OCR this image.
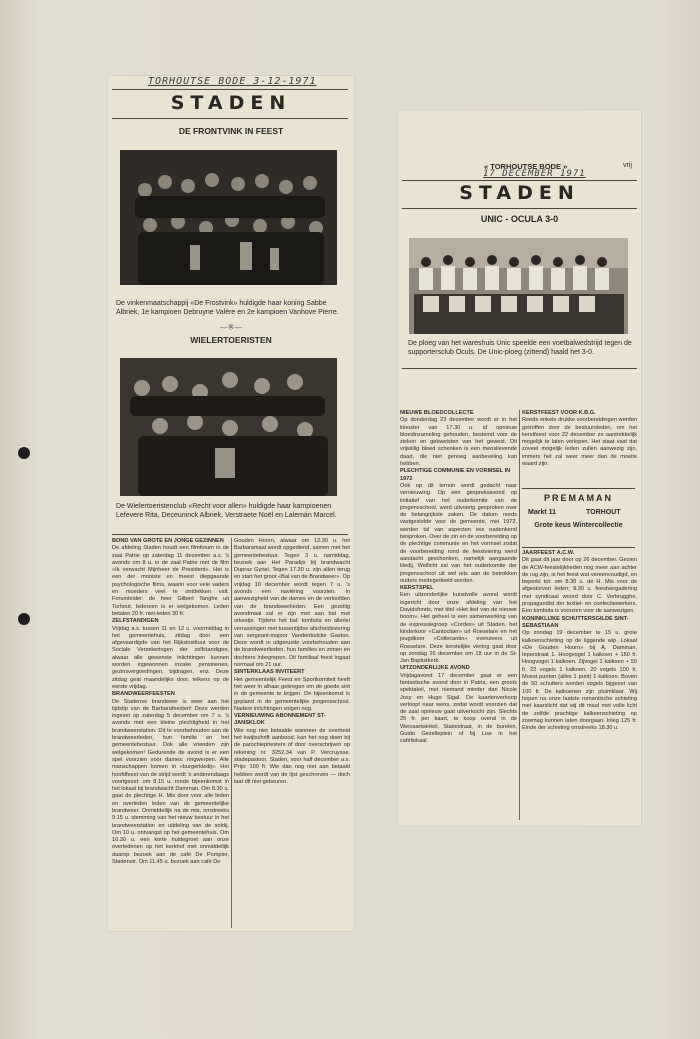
TORHOUTSE BODE 3-12-1971
STADEN
DE FRONTVINK IN FEEST
De vinkenmaatschappij «De Frostvink» huldigde haar koning Sabbe Albriek, 1e kampioen Debruyne Valère en 2e kampioen Vanhove Pierre.
—※—
WIELERTOERISTEN
De Wielertoeristenclub «Recht voor allen» huldigde haar kampioenen Lefevere Rita, Deceuninck Albriek, Verstraete Noël en Lalemán Marcel.
BOND VAN GROTE EN JONGE GEZINNEN
De afdeling Staden houdt een filmforum in de zaal Patrie op zaterdag 11 december a.s. 's avonds om 8 u. in de zaal Patrie met de film «Ik verwacht Mijnheer de President». Het is een der mooiste en meest diepgaande psychologische films, waarin voor vele vaders en moeders veel te ontdekken valt. Forumleider: de heer Gilbert Tanghe uit Torhout. Iedereen is er welgekomen. Leden betalen 20 fr. niet-leden 30 fr.
ZELFSTANDIGEN
Vrijdag a.s. tussen 11 en 12 u. voormiddag in het gemeentehuis, zitdag door een afgevaardigde van het Rijksinstituut voor de Sociale Verzekeringen der zelfstandigen, alwaar alle gewenste inlichtingen kunnen worden ingewonnen inzake pensioenen, gezinsvergoedingen, bijdragen, enz. Deze zitdag geat maandelijks door, telkens op de eerste vrijdag.
BRANDWEERFEESTEN
De Stadense brandweer is weer aan het tijdstip van de Barbarafeesten! Deze werden ingezet op zaterdag 5 december om 7 u. 's avonds met een kleine plechtigheid in het brandweerstation. Dit te voorbehouden aan de brandweerleden, hun familie en het gemeentebestuur. Ook alle vrienden zijn welgekomen! Gedurende de avond is er een spel voorzien voor dames: ringwerpen. Alle manschappen komen in «burgerkledij». Het hoofdfeest van de strijd wordt 's anderendaags voortgezet: om 8.15 u. ronde bijeenkomst in het lokaal bij brandwacht Damman. Om 8.30 u. gaat de plechtige H. Mis door voor alle leden en overleden leden van de gemeentelijke brandweer. Onmiddellijk na de mis, omstreeks 9.15 u. stemming van het nieuw bestuur in het brandweerstation en uitdeling van de soldij. Om 10 u. ontvangst op het gemeentehuis. Om 10.30 u. een korte huldegroet aan onze overledenen op het kerkhof met onmiddellijk daarop bezoek aan de café De Pompier, Stadenstr. Om 11.45 u. bezoek aan café De
Gouden Hoorn, alwaar om 12.30 u. het Barbaramaal wordt opgediend, samen met het gemeentebestuur. Tegen 3 u. namiddag, bezoek aan Het Paradijs bij brandwacht Dupraz Gyriel. Tegen 17.30 u. zijn allen terug en start het groot «Bal van de Brandweer». Op vrijdag 10 december wordt tegen 7 u. 's avonds een navièring voorzien. In aanwezigheid van de dames en de verloofden van de brandweerlieden. Een gezellig avondmaal zal er zijn met aan bal met orkestje. Tijdens het bal: tombola en allerlei verrassingen met tussentijdse afscheidsviering van sergeant-majoor Vandenbulcke Gaston. Deze wordt in uitgerustte voorbehouden aan de brandweerlieden, hun families en zonen en dochters inbegrepen. Dit familiaal feest ingaat normaal om 21 uur.
SINTERKLAAS INVITEERT
Het gemeentelijk Feest en Sportkomiteit heeft het weer in alhaar gekregen om de goede sint in de gemeente te krijgen. De bijeenkomst is gepland in de gemeentelijke jongensschool. Nadere inlichtingen volgen nog.
VERNIEUWING ABONNEMENT ST-JANSKLOK
Wie nog niet betaalde wanneer de overheid het kwijtschrift aanbood, kan het nog doen bij de parochiepriesters of door overschrijven op rekening nr. 3252.34 van P. Vercruysse, stadepastoor, Staden, voor half december a.s. Prijs: 100 fr. Wie dan nog niet aan betaald hebben wordt van de lijst geschreven — doch laat dit niet gebeuren.
« TORHOUTSE BODE »	vrij
17 DECEMBER 1971
STADEN
UNIC - OCULA 3-0
De ploeg van het wareshuis Unic speelde een voetbalwedstrijd tegen de supportersclub Oculs. De Unic-ploeg (zittend) haald het 3-0.
NIEUWE BLOEDCOLLECTE
Op donderdag 23 december wordt er in het klooster van 17.30 u. af opnieuw bloedinzameling gehouden, bestemd voor de zieken en gekwetsten van het gewest. Dit vrijwillig bloed schenken is een menslievende daad, die niet genoeg aanbeveling kan hebben.
PLECHTIGE COMMUNIE EN VORMSEL IN 1972
Ook op dit terrein wordt gedacht naar vernieuwing. Op een gespreksavond op initiatief van het ouderkomite van de jongensschool, werd uitvoerig gesproken over de belangrijkste zaken. De datum reeds vastgestelde voor de gemeente, mei 1972, werden tal van aspecten ieis nadenkend besproken. Over de zin en de voorbereiding op de plechtige communie en het vormsel zodat de voorbereiding rond de feestviering werd aandacht geschonken, namelijk aangaande kledij. Wellicht zal van het ouderkomite der jongensschool uit wel iets aan de betrokken ouders medegedeeld worden.
KERSTSPEL
Een uitzonderlijke kunstvolle avond wordt ingericht door onze afdeling van het Davidsfonds, met titel «Het lied van de nieuwe boom». Het geheel is een samenwerking van de expressiegroep «Cordex» uit Staden, het kinderkoor «Cantoclaer» uit Roeselare en het jeugdkoor «Collecantio» evenzeers uit Roeselare. Deze kerstelijke viering gaat door op zondag 26 december om 18 uur in de St-Jan Baptistkerk.
UITZONDERLIJKE AVOND
Vrijdagavond 17 december gaat er een fantastische avond door in Patria, een groots spektakel, met niemand minder dan Nicole Josy en Hugo Sigal. De kaartenverkoop verloopt naar wens, zodat wordt voorzien dat de zaal opnieuw gaat uitverkocht zijn. Slechts 25 fr. per kaart, te koop overal in de Weivaartwinkel, Statiestraat, in de burelen, Guido Gezelleplein of bij Lise in het caféliokaal.
KERSTFEEST VOOR K.B.G.
Reeds enkele drukke voorbereidingen werden getroffen door de bestuursleden, om het kerstfeest voor 22 december zo aantrekkelijk mogelijk te laten verlopen. Het staat vast dat zoveel mogelijk leden zullen aanwezig zijn, immers het zal weer meer dan de moeite waard zijn.
PREMAMAN
Markt 11	TORHOUT
Grote keus Wintercollectie
JAARFEEST A.C.W.
Dit gaat dit jaar door op 26 december. Gezien de ACW-feestelijkheden nog meer aan achter de rug zijn, is het feest wat vereenvoudigd, en beperkt tot: om 8.30 u. de H. Mis voor de afgestorven leden; 9.30 u. feestvergadering met syndicaal woord door C. Verbrugghe, propagandist der textiel- en confectiewerkers. Een tombola is voorzien voor de aanwezigen.
KONINKLIJKE SCHUTTERSGILDE SINT-SEBASTIAAN
Op zondag 19 december te 15 u. grote kalkoenschieting op de liggende wip. Lokaal «De Gouden Hoorn» bij A. Damman, Ieperstraat 1. Hoogvogel 1 kalkoen + 150 fr. Hoogvogel 1 kalkoen. Zijvogel 1 kalkoen + 50 fr. 22 vogels 1 kalkoen. 20 vogels 100 fr. Moest punten (alles 1 punt) 1 kalkoen. Boven de 50 schutters worden vogels bijgezet van 100 fr. De kalkoenen zijn pluimklaar. Wij hopen na onze laatste romantische schieting met kaarslicht dat wij dit maal met volle licht de zelfde prachtige kalkoenschieting op zowmag kunnen laten doorgaan. Inleg 125 fr. Einde der schieting omstreeks 18.30 u.
